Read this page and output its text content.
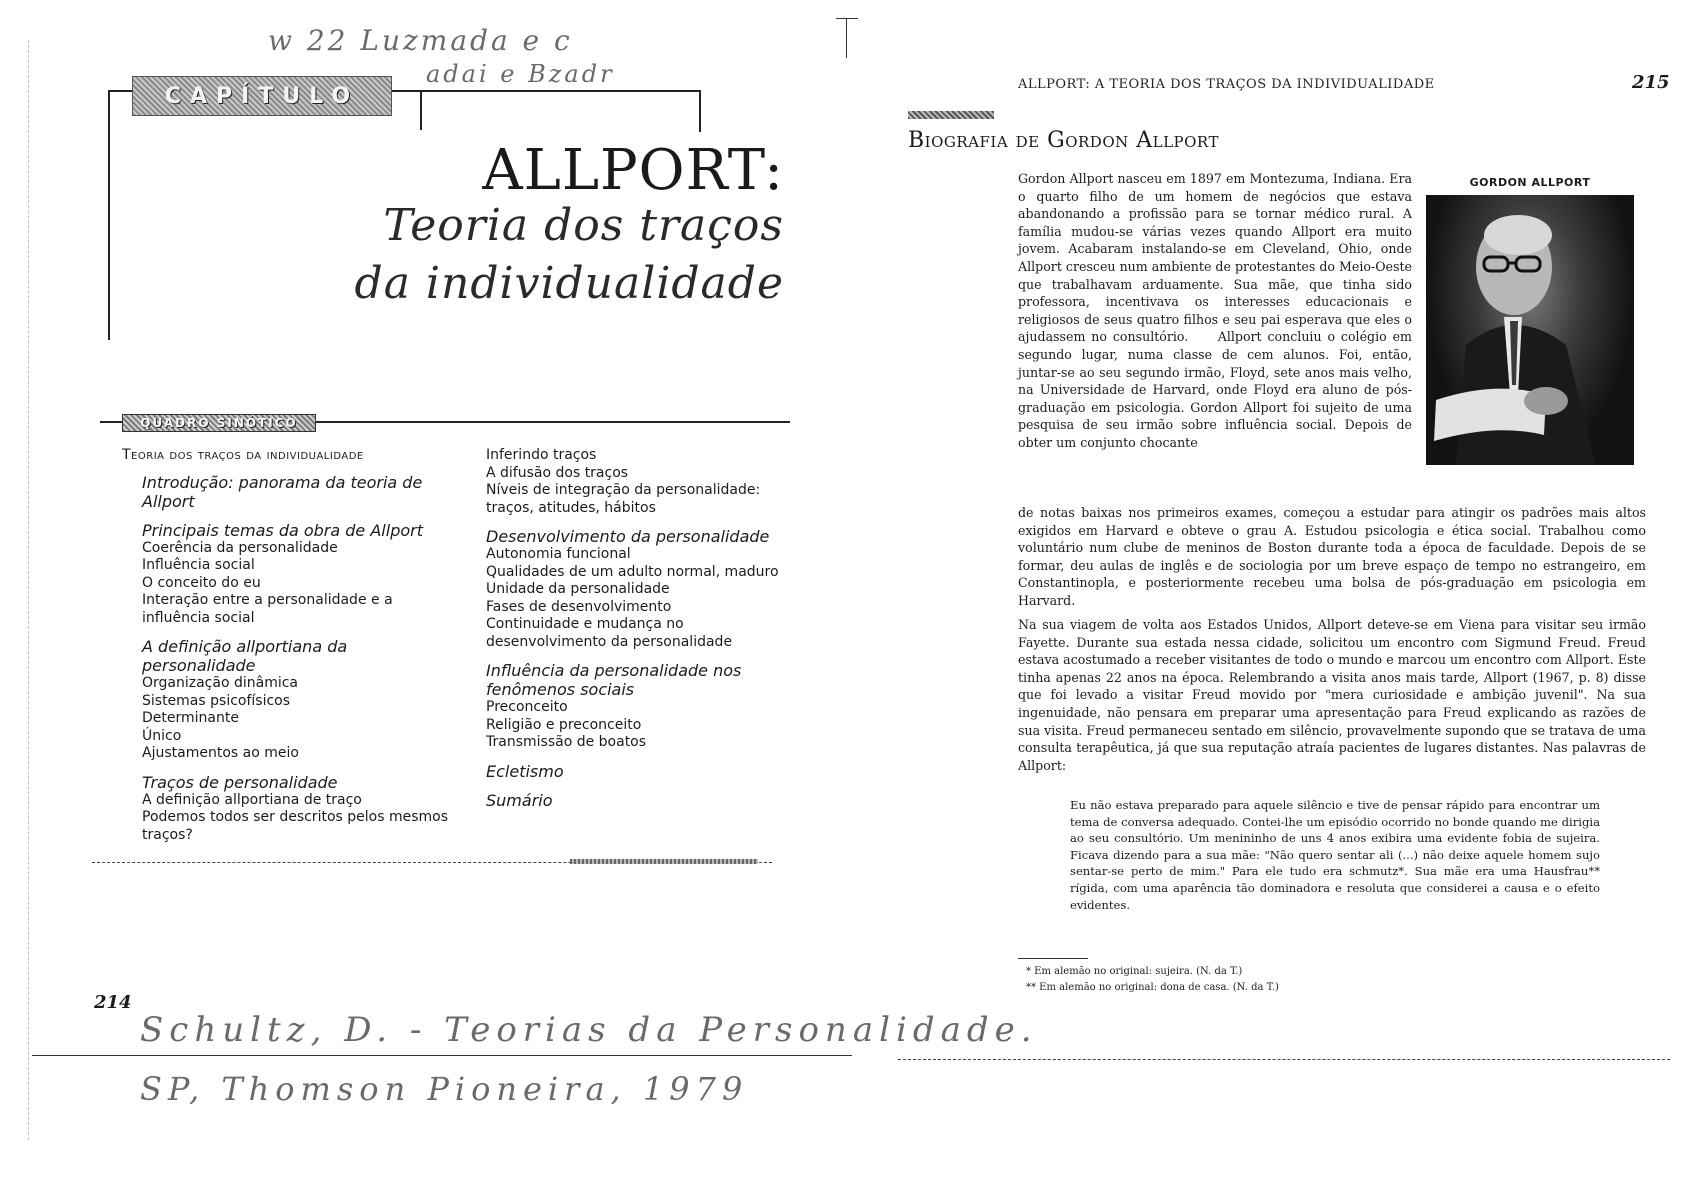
w 22 Luzmada e c
adai e Bzadr
CAPÍTULO
ALLPORT:
Teoria dos traços
da individualidade
QUADRO SINÓTICO
Teoria dos traços da individualidade
Introdução: panorama da teoria de Allport
Principais temas da obra de Allport
Coerência da personalidade
Influência social
O conceito do eu
Interação entre a personalidade e a influência social
A definição allportiana da personalidade
Organização dinâmica
Sistemas psicofísicos
Determinante
Único
Ajustamentos ao meio
Traços de personalidade
A definição allportiana de traço
Podemos todos ser descritos pelos mesmos traços?
Inferindo traços
A difusão dos traços
Níveis de integração da personalidade: traços, atitudes, hábitos
Desenvolvimento da personalidade
Autonomia funcional
Qualidades de um adulto normal, maduro
Unidade da personalidade
Fases de desenvolvimento
Continuidade e mudança no desenvolvimento da personalidade
Influência da personalidade nos fenômenos sociais
Preconceito
Religião e preconceito
Transmissão de boatos
Ecletismo
Sumário
214
Schultz, D. - Teorias da Personalidade.
SP, Thomson Pioneira, 1979
ALLPORT: A TEORIA DOS TRAÇOS DA INDIVIDUALIDADE	215
Biografia de Gordon Allport
GORDON ALLPORT

Gordon Allport nasceu em 1897 em Montezuma, Indiana. Era o quarto filho de um homem de negócios que estava abandonando a profissão para se tornar médico rural. A família mudou-se várias vezes quando Allport era muito jovem. Acabaram instalando-se em Cleveland, Ohio, onde Allport cresceu num ambiente de protestantes do Meio-Oeste que trabalhavam arduamente. Sua mãe, que tinha sido professora, incentivava os interesses educacionais e religiosos de seus quatro filhos e seu pai esperava que eles o ajudassem no consultório.     Allport concluiu o colégio em segundo lugar, numa classe de cem alunos. Foi, então, juntar-se ao seu segundo irmão, Floyd, sete anos mais velho, na Universidade de Harvard, onde Floyd era aluno de pós-graduação em psicologia. Gordon Allport foi sujeito de uma pesquisa de seu irmão sobre influência social. Depois de obter um conjunto chocante

de notas baixas nos primeiros exames, começou a estudar para atingir os padrões mais altos exigidos em Harvard e obteve o grau A. Estudou psicologia e ética social. Trabalhou como voluntário num clube de meninos de Boston durante toda a época de faculdade. Depois de se formar, deu aulas de inglês e de sociologia por um breve espaço de tempo no estrangeiro, em Constantinopla, e posteriormente recebeu uma bolsa de pós-graduação em psicologia em Harvard.

Na sua viagem de volta aos Estados Unidos, Allport deteve-se em Viena para visitar seu irmão Fayette. Durante sua estada nessa cidade, solicitou um encontro com Sigmund Freud. Freud estava acostumado a receber visitantes de todo o mundo e marcou um encontro com Allport. Este tinha apenas 22 anos na época. Relembrando a visita anos mais tarde, Allport (1967, p. 8) disse que foi levado a visitar Freud movido por "mera curiosidade e ambição juvenil". Na sua ingenuidade, não pensara em preparar uma apresentação para Freud explicando as razões de sua visita. Freud permaneceu sentado em silêncio, provavelmente supondo que se tratava de uma consulta terapêutica, já que sua reputação atraía pacientes de lugares distantes. Nas palavras de Allport:

Eu não estava preparado para aquele silêncio e tive de pensar rápido para encontrar um tema de conversa adequado. Contei-lhe um episódio ocorrido no bonde quando me dirigia ao seu consultório. Um menininho de uns 4 anos exibira uma evidente fobia de sujeira. Ficava dizendo para a sua mãe: "Não quero sentar ali (...) não deixe aquele homem sujo sentar-se perto de mim." Para ele tudo era schmutz*. Sua mãe era uma Hausfrau** rígida, com uma aparência tão dominadora e resoluta que considerei a causa e o efeito evidentes.

* Em alemão no original: sujeira. (N. da T.)
** Em alemão no original: dona de casa. (N. da T.)
